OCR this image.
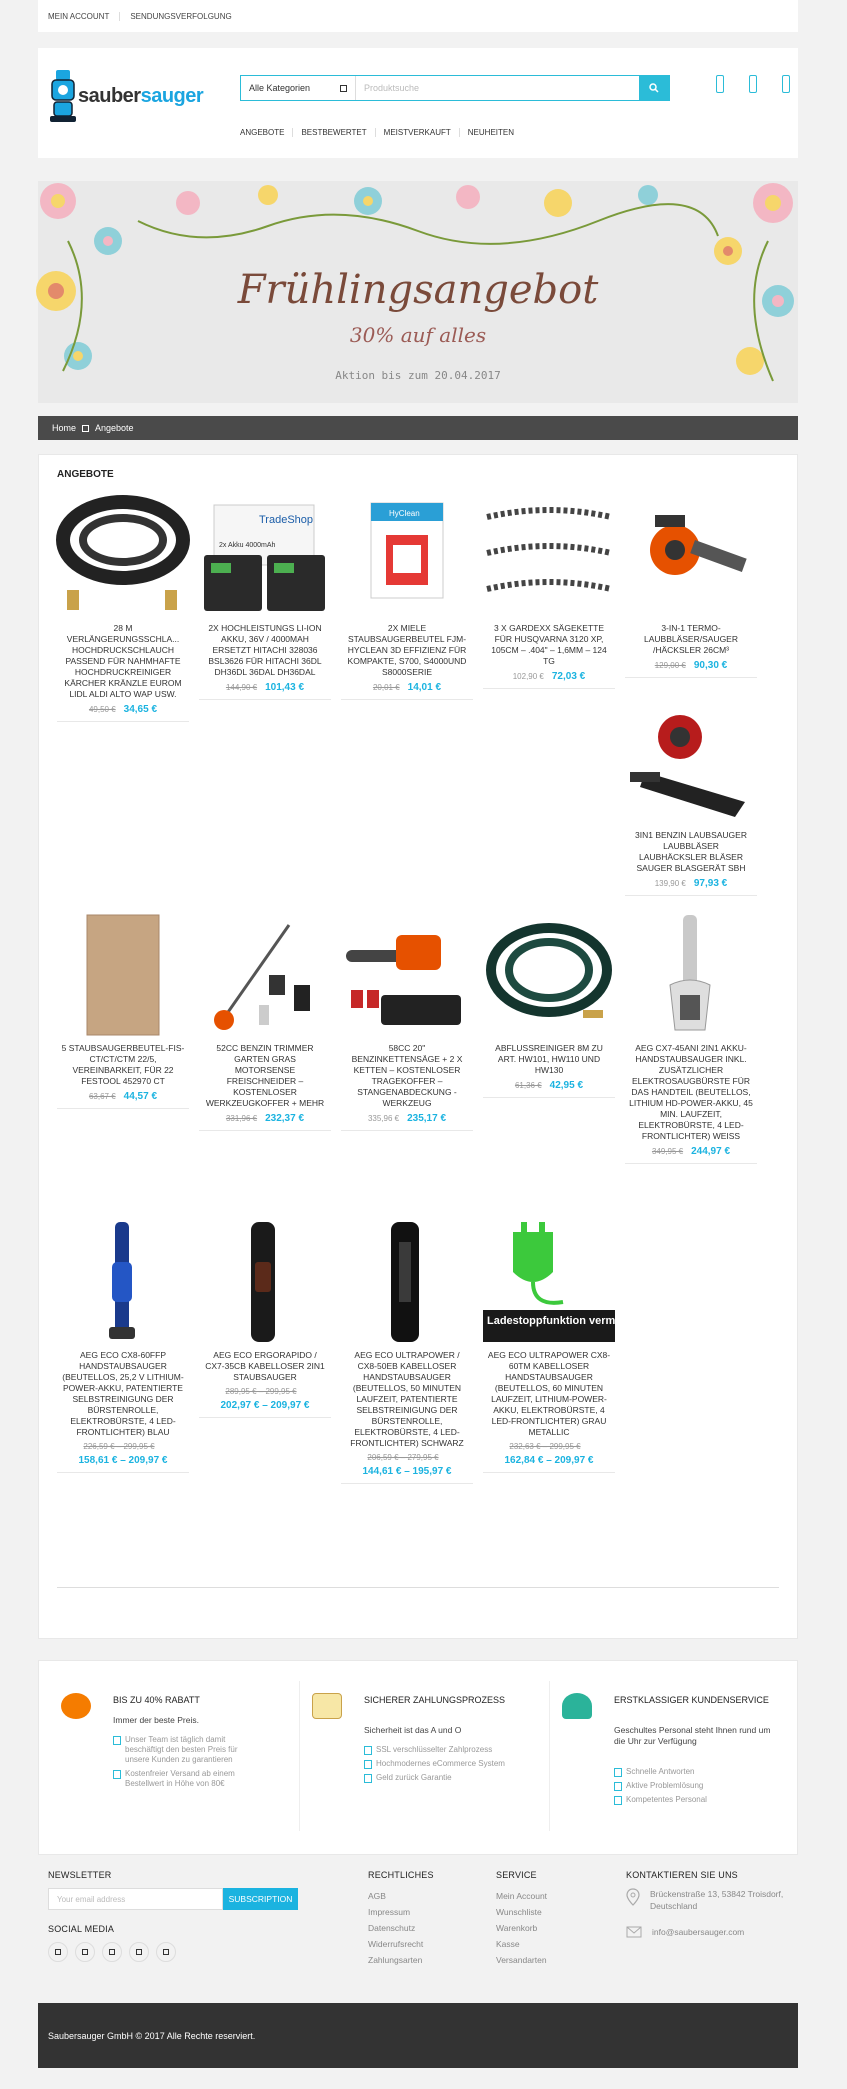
MEIN ACCOUNT	SENDUNGSVERFOLGUNG
saubersauger	Alle Kategorien	Produktsuche
ANGEBOTE	BESTBEWERTET	MEISTVERKAUFT	NEUHEITEN
Frühlingsangebot
30% auf alles
Aktion bis zum 20.04.2017
Home Angebote
ANGEBOTE
28 M VERLÄNGERUNGSSCHLA... HOCHDRUCKSCHLAUCH PASSEND FÜR NAHMHAFTE HOCHDRUCKREINIGER KÄRCHER KRÄNZLE EUROM LIDL ALDI ALTO WAP USW.
49,50 € 34,65 €
TradeShop
2x Akku 4000mAh
2X HOCHLEISTUNGS LI-ION AKKU, 36V / 4000MAH ERSETZT HITACHI 328036 BSL3626 FÜR HITACHI 36DL DH36DL 36DAL DH36DAL
144,90 € 101,43 €
HyClean
2X MIELE STAUBSAUGERBEUTEL FJM-HYCLEAN 3D EFFIZIENZ FÜR KOMPAKTE, S700, S4000UND S8000SERIE
20,01 € 14,01 €
3 X GARDEXX SÄGEKETTE FÜR HUSQVARNA 3120 XP, 105CM – .404" – 1,6MM – 124 TG
102,90 € 72,03 €
3-IN-1 TERMO-LAUBBLÄSER/SAUGER /HÄCKSLER 26CM³
129,00 € 90,30 €
3IN1 BENZIN LAUBSAUGER LAUBBLÄSER LAUBHÄCKSLER BLÄSER SAUGER BLASGERÄT SBH
139,90 € 97,93 €
5 STAUBSAUGERBEUTEL-FIS-CT/CT/CTM 22/5, VEREINBARKEIT, FÜR 22 FESTOOL 452970 CT
63,67 € 44,57 €
52CC BENZIN TRIMMER GARTEN GRAS MOTORSENSE FREISCHNEIDER – KOSTENLOSER WERKZEUGKOFFER + MEHR
331,96 € 232,37 €
58CC 20" BENZINKETTENSÄGE + 2 X KETTEN – KOSTENLOSER TRAGEKOFFER – STANGENABDECKUNG -WERKZEUG
335,96 € 235,17 €
ABFLUSSREINIGER 8M ZU ART. HW101, HW110 UND HW130
61,36 € 42,95 €
AEG CX7-45ANI 2IN1 AKKU-HANDSTAUBSAUGER INKL. ZUSÄTZLICHER ELEKTROSAUGBÜRSTE FÜR DAS HANDTEIL (BEUTELLOS, LITHIUM HD-POWER-AKKU, 45 MIN. LAUFZEIT, ELEKTROBÜRSTE, 4 LED-FRONTLICHTER) WEISS
349,95 € 244,97 €
AEG ECO CX8-60FFP HANDSTAUBSAUGER (BEUTELLOS, 25,2 V LITHIUM-POWER-AKKU, PATENTIERTE SELBSTREINIGUNG DER BÜRSTENROLLE, ELEKTROBÜRSTE, 4 LED-FRONTLICHTER) BLAU
226,59 € – 299,95 €
158,61 € – 209,97 €
AEG ECO ERGORAPIDO / CX7-35CB KABELLOSER 2IN1 STAUBSAUGER
289,95 € – 299,95 €
202,97 € – 209,97 €
AEG ECO ULTRAPOWER / CX8-50EB KABELLOSER HANDSTAUBSAUGER (BEUTELLOS, 50 MINUTEN LAUFZEIT, PATENTIERTE SELBSTREINIGUNG DER BÜRSTENROLLE, ELEKTROBÜRSTE, 4 LED-FRONTLICHTER) SCHWARZ
206,59 € – 279,95 €
144,61 € – 195,97 €
Ladestoppfunktion vermeidet unnötige
AEG ECO ULTRAPOWER CX8-60TM KABELLOSER HANDSTAUBSAUGER (BEUTELLOS, 60 MINUTEN LAUFZEIT, LITHIUM-POWER-AKKU, ELEKTROBÜRSTE, 4 LED-FRONTLICHTER) GRAU METALLIC
232,63 € – 299,95 €
162,84 € – 209,97 €
BIS ZU 40% RABATT
Immer der beste Preis.
Unser Team ist täglich damit beschäftigt den besten Preis für unsere Kunden zu garantieren
Kostenfreier Versand ab einem Bestellwert in Höhe von 80€
SICHERER ZAHLUNGSPROZESS
Sicherheit ist das A und O
SSL verschlüsselter Zahlprozess
Hochmodernes eCommerce System
Geld zurück Garantie
ERSTKLASSIGER KUNDENSERVICE
Geschultes Personal steht Ihnen rund um die Uhr zur Verfügung
Schnelle Antworten
Aktive Problemlösung
Kompetentes Personal
NEWSLETTER
Your email address	SUBSCRIPTION
SOCIAL MEDIA
RECHTLICHES
AGB
Impressum
Datenschutz
Widerrufsrecht
Zahlungsarten
SERVICE
Mein Account
Wunschliste
Warenkorb
Kasse
Versandarten
KONTAKTIEREN SIE UNS
Brückenstraße 13, 53842 Troisdorf, Deutschland
info@saubersauger.com
Saubersauger GmbH © 2017 Alle Rechte reserviert.
